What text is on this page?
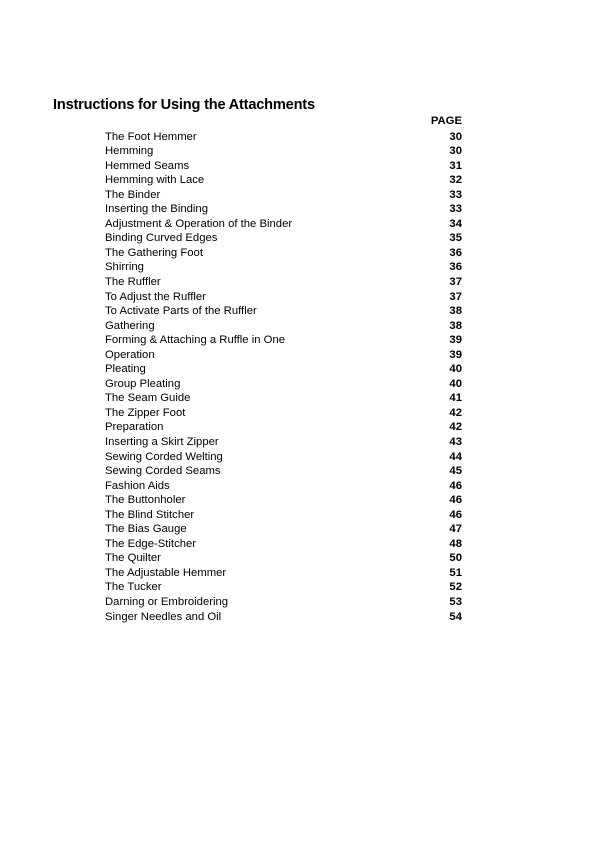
Instructions for Using the Attachments
PAGE
The Foot Hemmer	30
Hemming	30
Hemmed Seams	31
Hemming with Lace	32
The Binder	33
Inserting the Binding	33
Adjustment & Operation of the Binder	34
Binding Curved Edges	35
The Gathering Foot	36
Shirring	36
The Ruffler	37
To Adjust the Ruffler	37
To Activate Parts of the Ruffler	38
Gathering	38
Forming & Attaching a Ruffle in One	39
Operation	39
Pleating	40
Group Pleating	40
The Seam Guide	41
The Zipper Foot	42
Preparation	42
Inserting a Skirt Zipper	43
Sewing Corded Welting	44
Sewing Corded Seams	45
Fashion Aids	46
The Buttonholer	46
The Blind Stitcher	46
The Bias Gauge	47
The Edge-Stitcher	48
The Quilter	50
The Adjustable Hemmer	51
The Tucker	52
Darning or Embroidering	53
Singer Needles and Oil	54
